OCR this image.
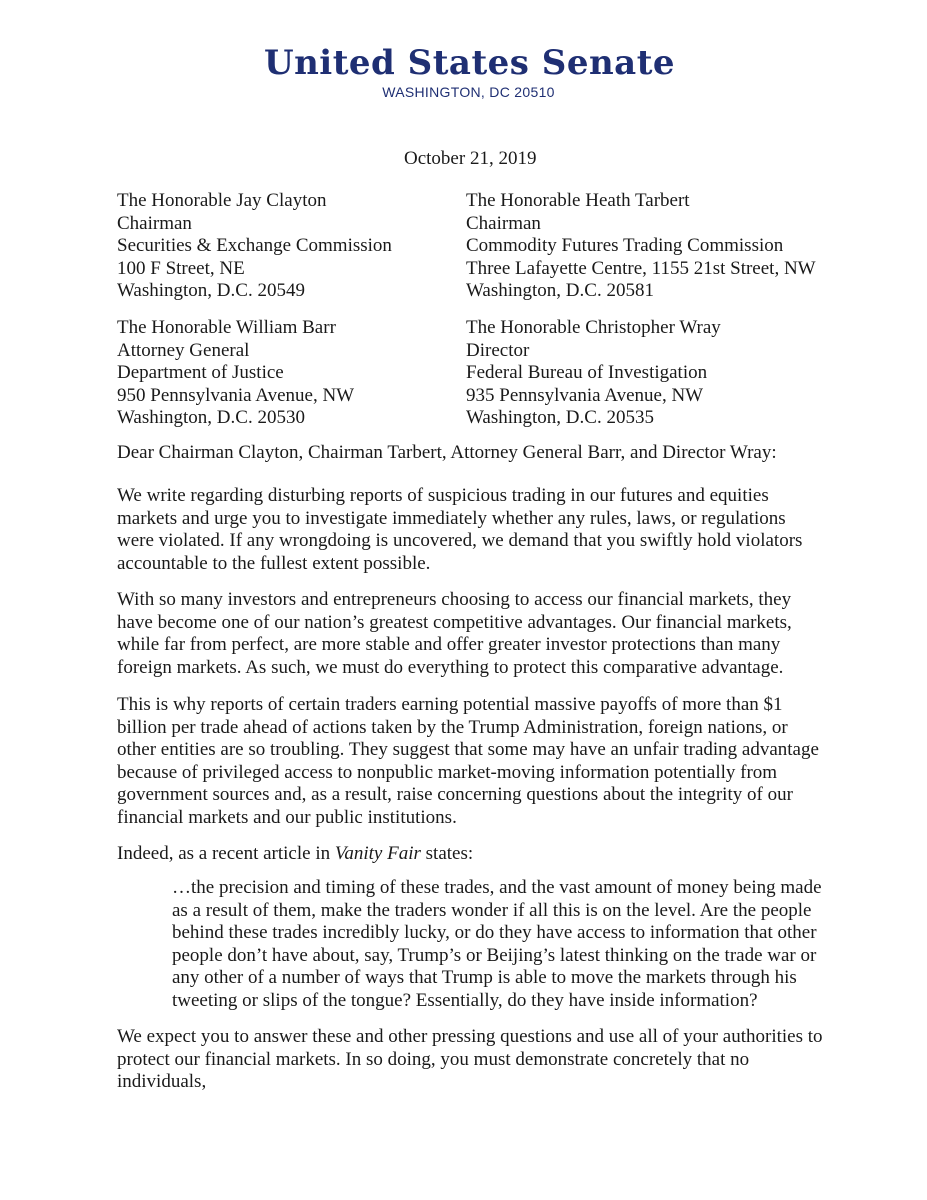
United States Senate
WASHINGTON, DC 20510
October 21, 2019
The Honorable Jay Clayton
Chairman
Securities & Exchange Commission
100 F Street, NE
Washington, D.C. 20549
The Honorable Heath Tarbert
Chairman
Commodity Futures Trading Commission
Three Lafayette Centre, 1155 21st Street, NW
Washington, D.C. 20581
The Honorable William Barr
Attorney General
Department of Justice
950 Pennsylvania Avenue, NW
Washington, D.C. 20530
The Honorable Christopher Wray
Director
Federal Bureau of Investigation
935 Pennsylvania Avenue, NW
Washington, D.C. 20535
Dear Chairman Clayton, Chairman Tarbert, Attorney General Barr, and Director Wray:

We write regarding disturbing reports of suspicious trading in our futures and equities markets and urge you to investigate immediately whether any rules, laws, or regulations were violated. If any wrongdoing is uncovered, we demand that you swiftly hold violators accountable to the fullest extent possible.

With so many investors and entrepreneurs choosing to access our financial markets, they have become one of our nation’s greatest competitive advantages. Our financial markets, while far from perfect, are more stable and offer greater investor protections than many foreign markets. As such, we must do everything to protect this comparative advantage.

This is why reports of certain traders earning potential massive payoffs of more than $1 billion per trade ahead of actions taken by the Trump Administration, foreign nations, or other entities are so troubling. They suggest that some may have an unfair trading advantage because of privileged access to nonpublic market-moving information potentially from government sources and, as a result, raise concerning questions about the integrity of our financial markets and our public institutions.

Indeed, as a recent article in Vanity Fair states:

…the precision and timing of these trades, and the vast amount of money being made as a result of them, make the traders wonder if all this is on the level. Are the people behind these trades incredibly lucky, or do they have access to information that other people don’t have about, say, Trump’s or Beijing’s latest thinking on the trade war or any other of a number of ways that Trump is able to move the markets through his tweeting or slips of the tongue? Essentially, do they have inside information?

We expect you to answer these and other pressing questions and use all of your authorities to protect our financial markets. In so doing, you must demonstrate concretely that no individuals,
